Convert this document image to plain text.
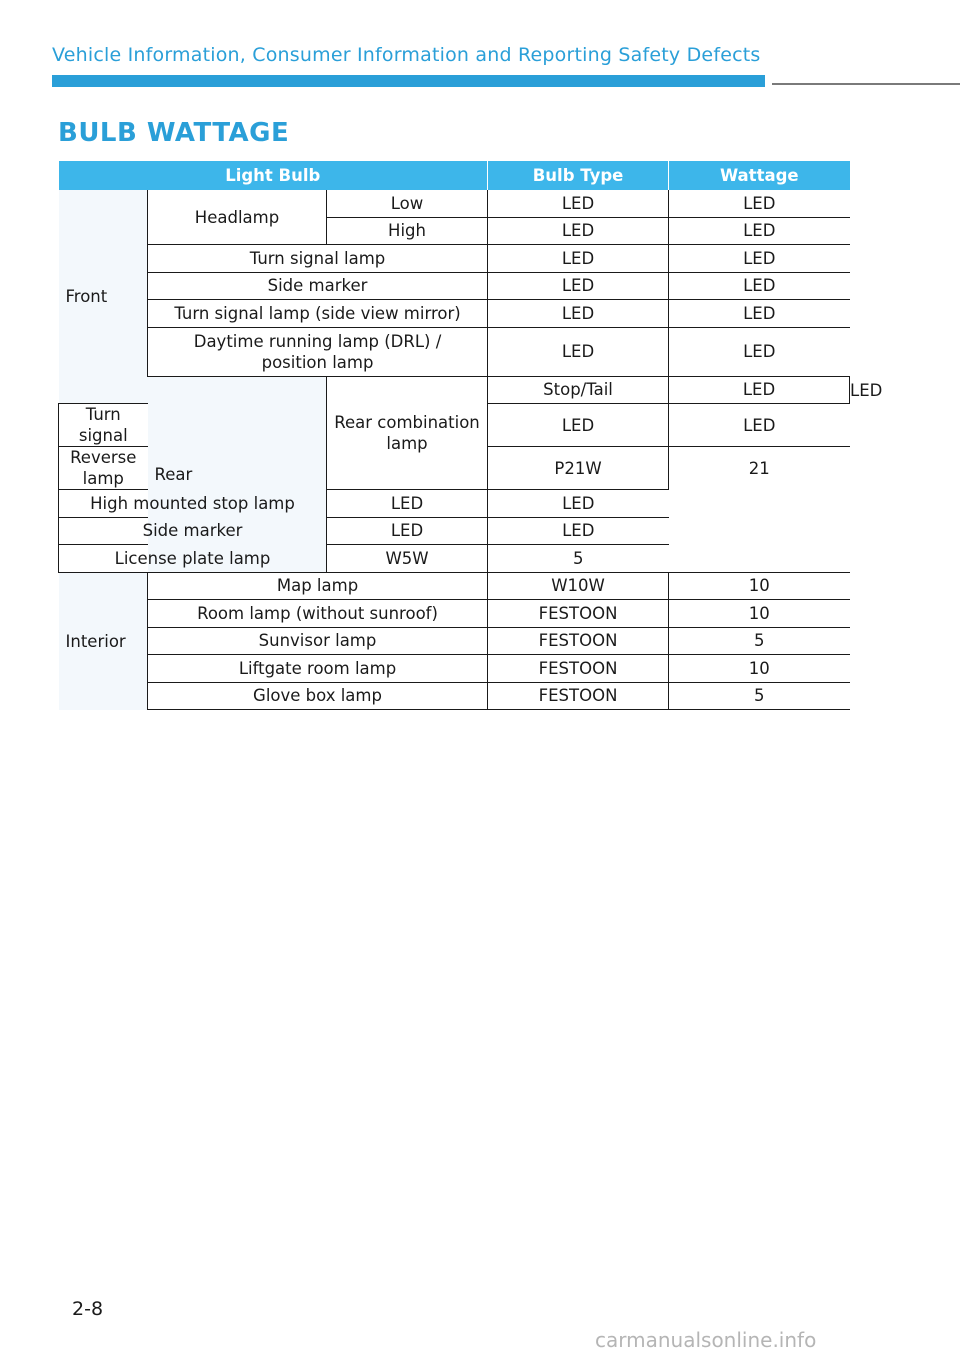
Vehicle Information, Consumer Information and Reporting Safety Defects
BULB WATTAGE
Light Bulb			Bulb Type	Wattage	
Front	Headlamp	Low	LED	LED	
		High	LED	LED	
	Turn signal lamp		LED	LED	
	Side marker		LED	LED	
	Turn signal lamp (side view mirror)		LED	LED	

	Daytime running lamp (DRL) / position lamp		LED	LED	
	Rear	Rear combination lamp	Stop/Tail	LED	LED
Turn signal			LED	LED	
Reverse lamp			P21W	21	
High mounted stop lamp		LED	LED		
Side marker		LED	LED		
License plate lamp		W5W	5		
Interior	Map lamp		W10W	10	
	Room lamp (without sunroof)		FESTOON	10	
	Sunvisor lamp		FESTOON	5	
	Liftgate room lamp		FESTOON	10	
	Glove box lamp		FESTOON	5	
2-8
carmanualsonline.info
